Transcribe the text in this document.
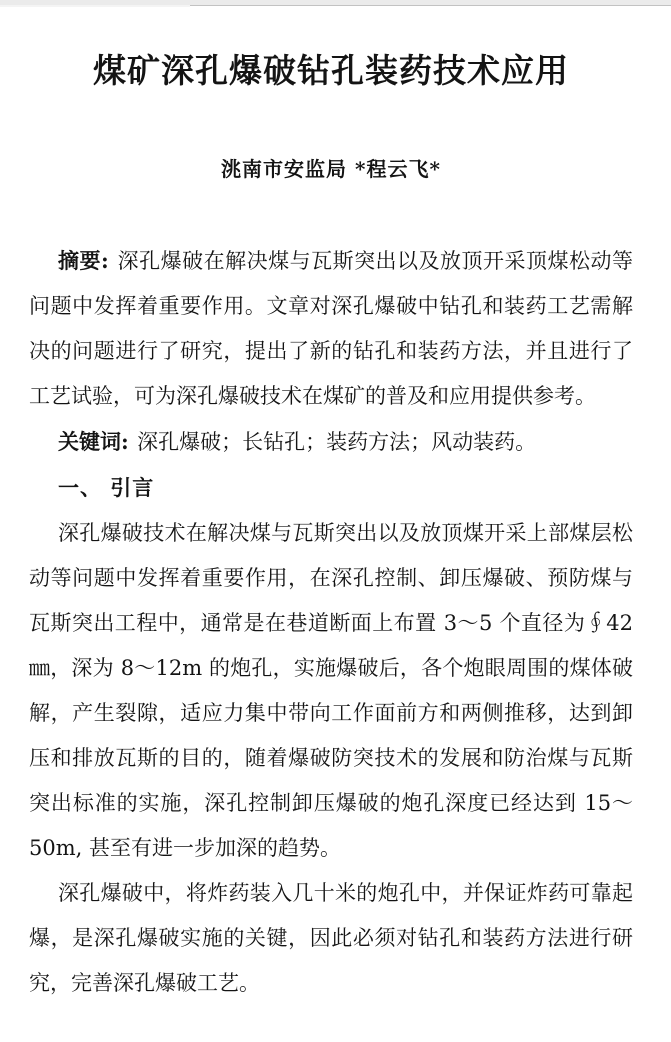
煤矿深孔爆破钻孔装药技术应用
洮南市安监局 *程云飞*

摘要: 深孔爆破在解决煤与瓦斯突出以及放顶开采顶煤松动等问题中发挥着重要作用。文章对深孔爆破中钻孔和装药工艺需解决的问题进行了研究，提出了新的钻孔和装药方法，并且进行了工艺试验，可为深孔爆破技术在煤矿的普及和应用提供参考。

关键词: 深孔爆破；长钻孔；装药方法；风动装药。

一、 引言

深孔爆破技术在解决煤与瓦斯突出以及放顶煤开采上部煤层松动等问题中发挥着重要作用，在深孔控制、卸压爆破、预防煤与瓦斯突出工程中，通常是在巷道断面上布置 3～5 个直径为∮42 ㎜，深为 8～12m 的炮孔，实施爆破后，各个炮眼周围的煤体破解，产生裂隙，适应力集中带向工作面前方和两侧推移，达到卸压和排放瓦斯的目的，随着爆破防突技术的发展和防治煤与瓦斯突出标准的实施，深孔控制卸压爆破的炮孔深度已经达到 15～50m, 甚至有进一步加深的趋势。

深孔爆破中，将炸药装入几十米的炮孔中，并保证炸药可靠起爆，是深孔爆破实施的关键，因此必须对钻孔和装药方法进行研究，完善深孔爆破工艺。
